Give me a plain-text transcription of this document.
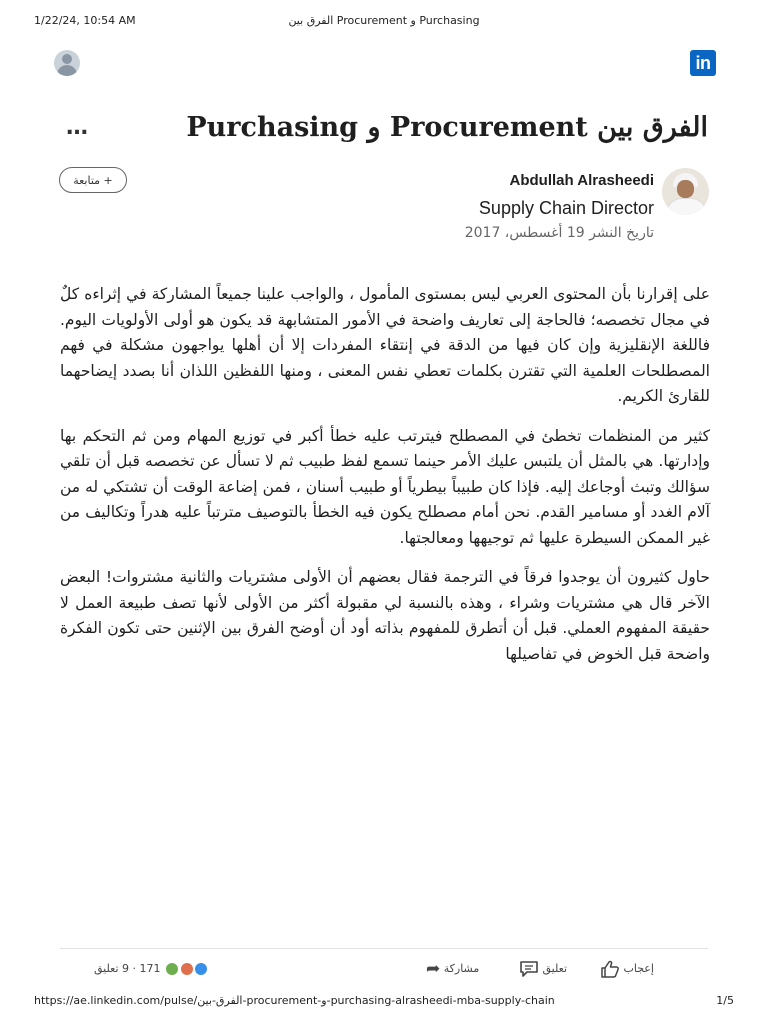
1/22/24, 10:54 AM	الفرق بين Procurement و Purchasing
in
…	الفرق بين Procurement و Purchasing
+ متابعة	Abdullah Alrasheedi
Supply Chain Director
تاريخ النشر 19 أغسطس، 2017

على إقرارنا بأن المحتوى العربي ليس بمستوى المأمول ، والواجب علينا جميعاً المشاركة في إثراءه كلٌ في مجال تخصصه؛ فالحاجة إلى تعاريف واضحة في الأمور المتشابهة قد يكون هو أولى الأولويات اليوم. فاللغة الإنقليزية وإن كان فيها من الدقة في إنتقاء المفردات إلا أن أهلها يواجهون مشكلة في فهم المصطلحات العلمية التي تقترن بكلمات تعطي نفس المعنى ، ومنها اللفظين اللذان أنا بصدد إيضاحهما للقارئ الكريم.

كثير من المنظمات تخطئ في المصطلح فيترتب عليه خطأ أكبر في توزيع المهام ومن ثم التحكم بها وإدارتها. هي بالمثل أن يلتبس عليك الأمر حينما تسمع لفظ طبيب ثم لا تسأل عن تخصصه قبل أن تلقي سؤالك وتبث أوجاعك إليه. فإذا كان طبيباً بيطرياً أو طبيب أسنان ، فمن إضاعة الوقت أن تشتكي له من آلام الغدد أو مسامير القدم. نحن أمام مصطلح يكون فيه الخطأ بالتوصيف مترتباً عليه هدراً وتكاليف من غير الممكن السيطرة عليها ثم توجيهها ومعالجتها.

حاول كثيرون أن يوجدوا فرقاً في الترجمة فقال بعضهم أن الأولى مشتريات والثانية مشتروات! البعض الآخر قال هي مشتريات وشراء ، وهذه بالنسبة لي مقبولة أكثر من الأولى لأنها تصف طبيعة العمل لا حقيقة المفهوم العملي. قبل أن أتطرق للمفهوم بذاته أود أن أوضح الفرق بين الإثنين حتى تكون الفكرة واضحة قبل الخوض في تفاصيلها

171 · 9 تعليق	مشاركة ➦	تعليق	إعجاب
https://ae.linkedin.com/pulse/الفرق-بين-procurement-و-purchasing-alrasheedi-mba-supply-chain	1/5
